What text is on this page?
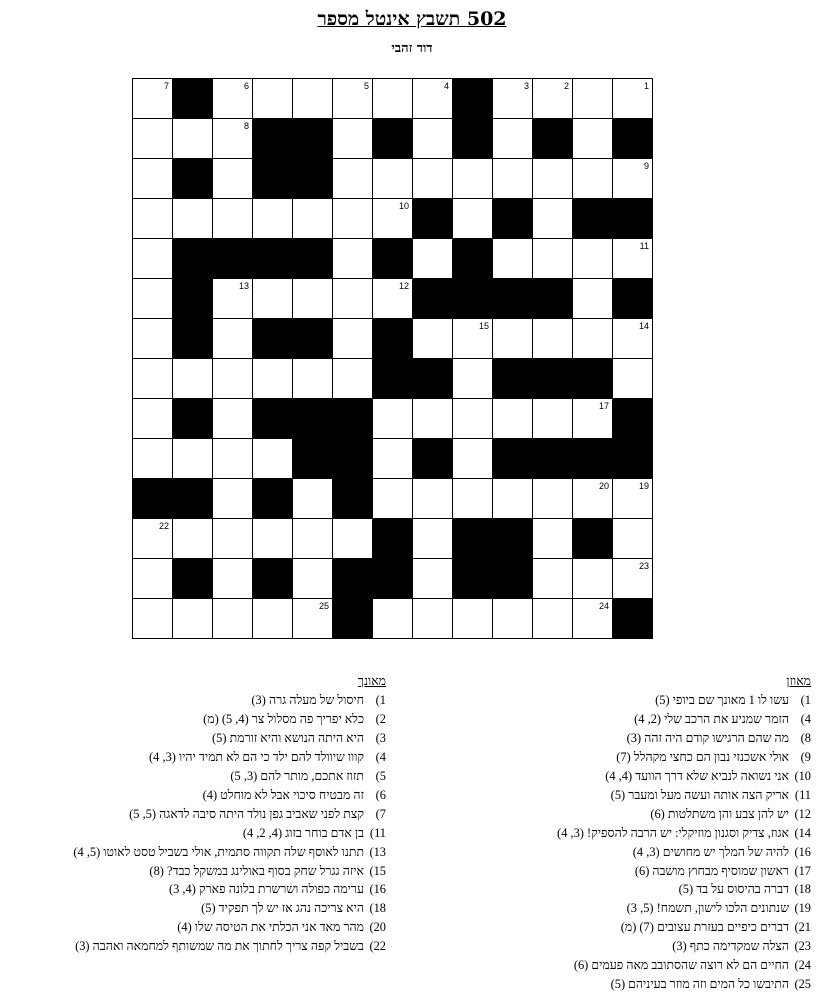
502 תשבץ אינטל מספר
דוד זהבי
7	6	5	4	3	2	1
8
9
10
11
13	12
15	14
16
17
18
20	19
22	21
23
25	24
מאוזן
1)עשו לו 1 מאונך שם ביופי (5)
4)הזמר שמניע את הרכב שלי (2, 4)
8)מה שהם הרגישו קודם היה זהה (3)
9)אולי אשכנזי נבון הם כחצי מקהלל (7)
10)אני נשואה לנביא שלא דרך הוועד (4, 4)
11)אריק הצה אותה ועשה מעל ומעבר (5)
12)יש להן צבע והן משתלטות (6)
14)אגוז, צדיק וסגנון מוזיקלי: יש הרבה להספיק! (3, 4)
16)להיה של המלך יש מחושים (3, 4)
17)ראשון שמוסיף מבחוץ מושבה (6)
18)דברה בהיסוס על בד (5)
19)שנתונים הלכו לישון, תשמח! (5, 3)
21)דברים כיפיים בעזרת עצובים (7) (מ)
23)הצלה שמקדימה כתף (3)
24)החיים הם לא רוצה שהסתובב מאה פעמים (6)
25)התיבשו כל המים וזה מוזר בעיניהם (5)
מאונך
1)חיסול של מעלה גרה (3)
2)כלא יפריך פה מסלול צר (4, 5) (מ)
3)היא היתה הנושא והיא זורמת (5)
4)קווו שיוולד להם ילד כי הם לא תמיד יהיו (3, 4)
5)תזוז אתכם, מותר להם (3, 5)
6)זה מבטיח סיכוי אבל לא מוחלט (4)
7)קצת לפני שאביב גפן נולד היתה סיבה לדאגה (5, 5)
11)בן אדם בוחר בזוג (4, 2, 4)
13)תתנו לאוסף שלה תקווה סתמית, אולי בשביל טסט לאוטו (5, 4)
15)איזה גגרל שחק בסוף באולינג במשקל כבד? (8)
16)ערימה כפולה ושרשרת בלונה פארק (4, 3)
18)היא צריכה נהג אז יש לך תפקיד (5)
20)מהר מאד אני הכלתי את הטיסה שלו (4)
22)בשביל קפה צריך לחתוך את מה שמשותף למחמאה ואהבה (3)
